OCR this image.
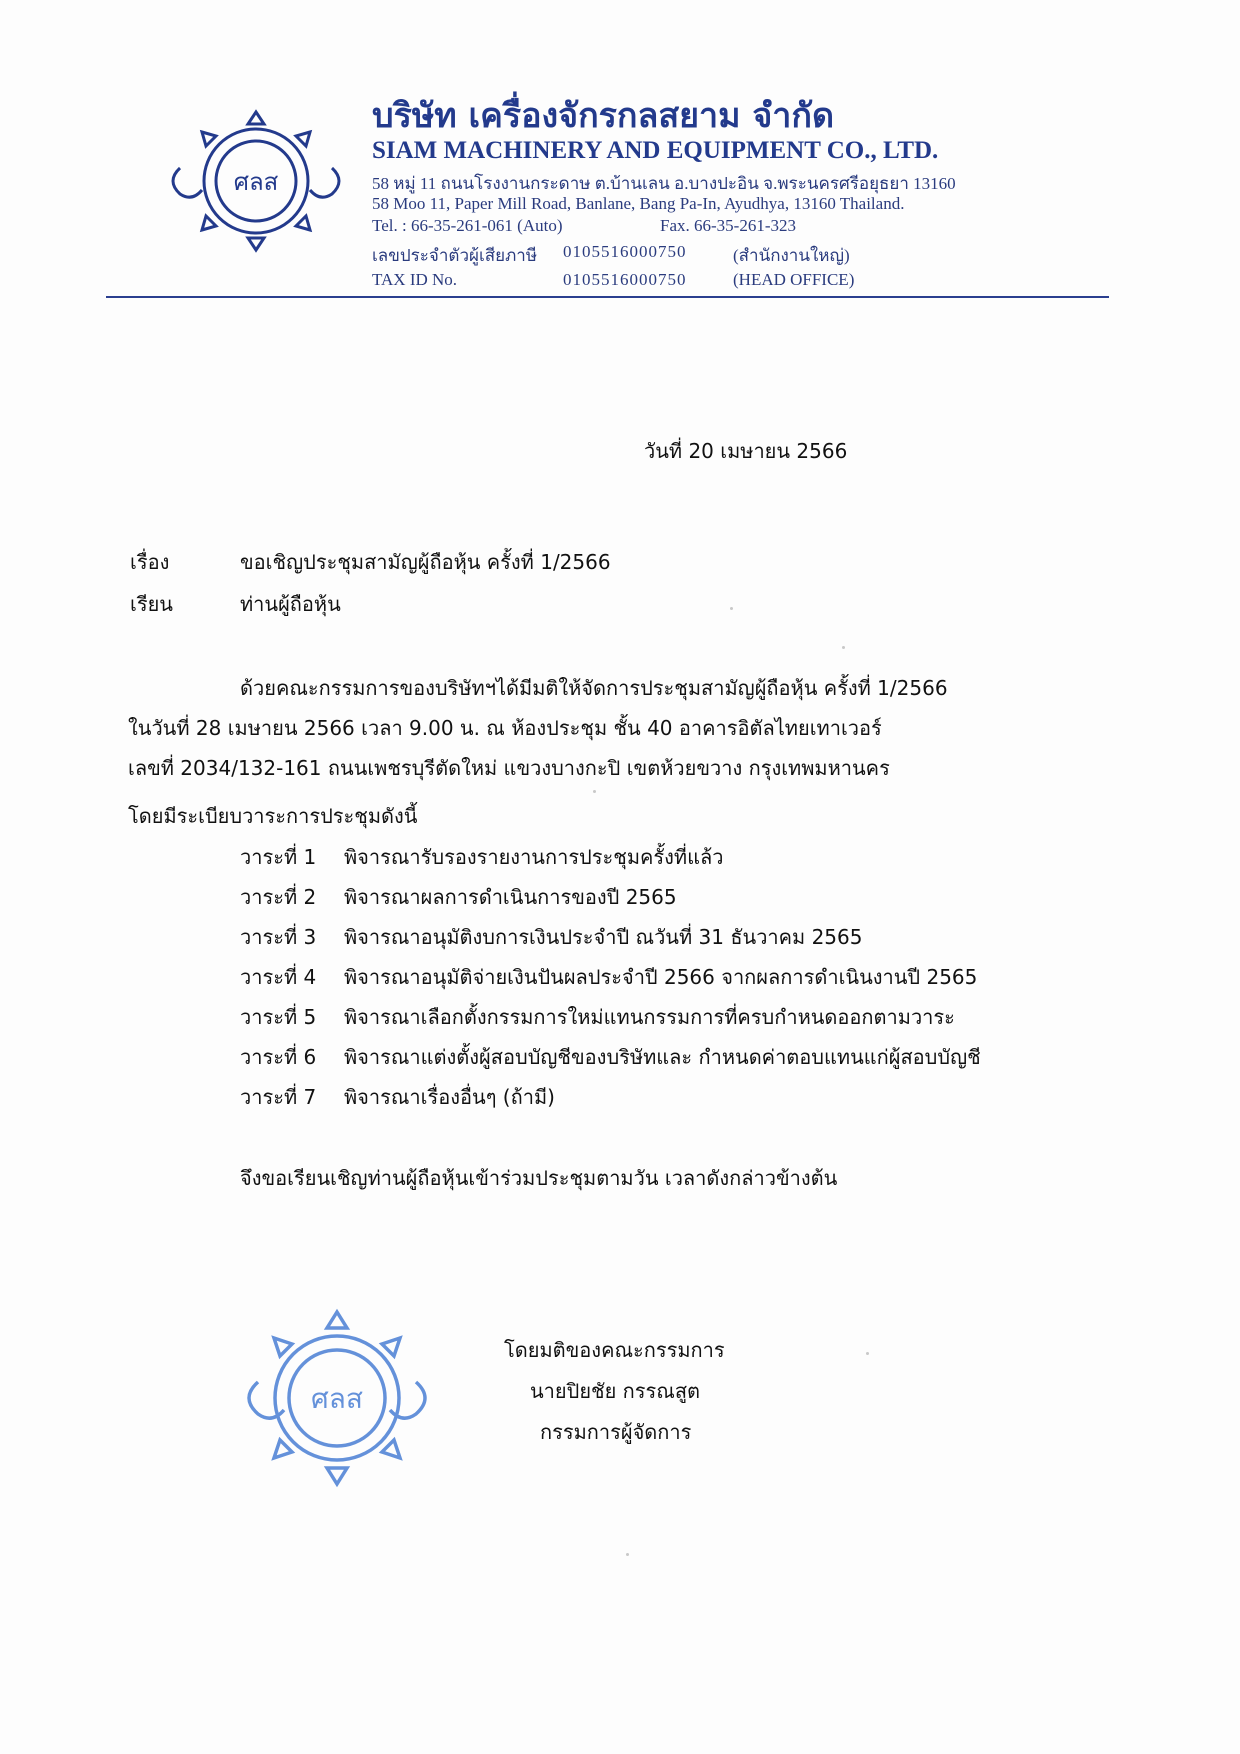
ศลส
บริษัท เครื่องจักรกลสยาม จำกัด
SIAM MACHINERY AND EQUIPMENT CO., LTD.
58 หมู่ 11 ถนนโรงงานกระดาษ ต.บ้านเลน อ.บางปะอิน จ.พระนครศรีอยุธยา 13160
58 Moo 11, Paper Mill Road, Banlane, Bang Pa-In, Ayudhya, 13160 Thailand.
Tel. : 66-35-261-061 (Auto)	Fax. 66-35-261-323
เลขประจำตัวผู้เสียภาษี 0105516000750	(สำนักงานใหญ่)
TAX ID No.	0105516000750	(HEAD OFFICE)
วันที่ 20 เมษายน 2566
เรื่อง	ขอเชิญประชุมสามัญผู้ถือหุ้น ครั้งที่ 1/2566
เรียน	ท่านผู้ถือหุ้น
ด้วยคณะกรรมการของบริษัทฯได้มีมติให้จัดการประชุมสามัญผู้ถือหุ้น ครั้งที่ 1/2566
ในวันที่ 28 เมษายน 2566 เวลา 9.00 น. ณ ห้องประชุม ชั้น 40 อาคารอิตัลไทยเทาเวอร์
เลขที่ 2034/132-161 ถนนเพชรบุรีตัดใหม่ แขวงบางกะปิ เขตห้วยขวาง กรุงเทพมหานคร
โดยมีระเบียบวาระการประชุมดังนี้
วาระที่ 1 พิจารณารับรองรายงานการประชุมครั้งที่แล้ว
วาระที่ 2 พิจารณาผลการดำเนินการของปี 2565
วาระที่ 3 พิจารณาอนุมัติงบการเงินประจำปี ณวันที่ 31 ธันวาคม 2565
วาระที่ 4 พิจารณาอนุมัติจ่ายเงินปันผลประจำปี 2566 จากผลการดำเนินงานปี 2565
วาระที่ 5 พิจารณาเลือกตั้งกรรมการใหม่แทนกรรมการที่ครบกำหนดออกตามวาระ
วาระที่ 6 พิจารณาแต่งตั้งผู้สอบบัญชีของบริษัทและ กำหนดค่าตอบแทนแก่ผู้สอบบัญชี
วาระที่ 7 พิจารณาเรื่องอื่นๆ (ถ้ามี)
จึงขอเรียนเชิญท่านผู้ถือหุ้นเข้าร่วมประชุมตามวัน เวลาดังกล่าวข้างต้น
ศลส
โดยมติของคณะกรรมการ
นายปิยชัย กรรณสูต
กรรมการผู้จัดการ
